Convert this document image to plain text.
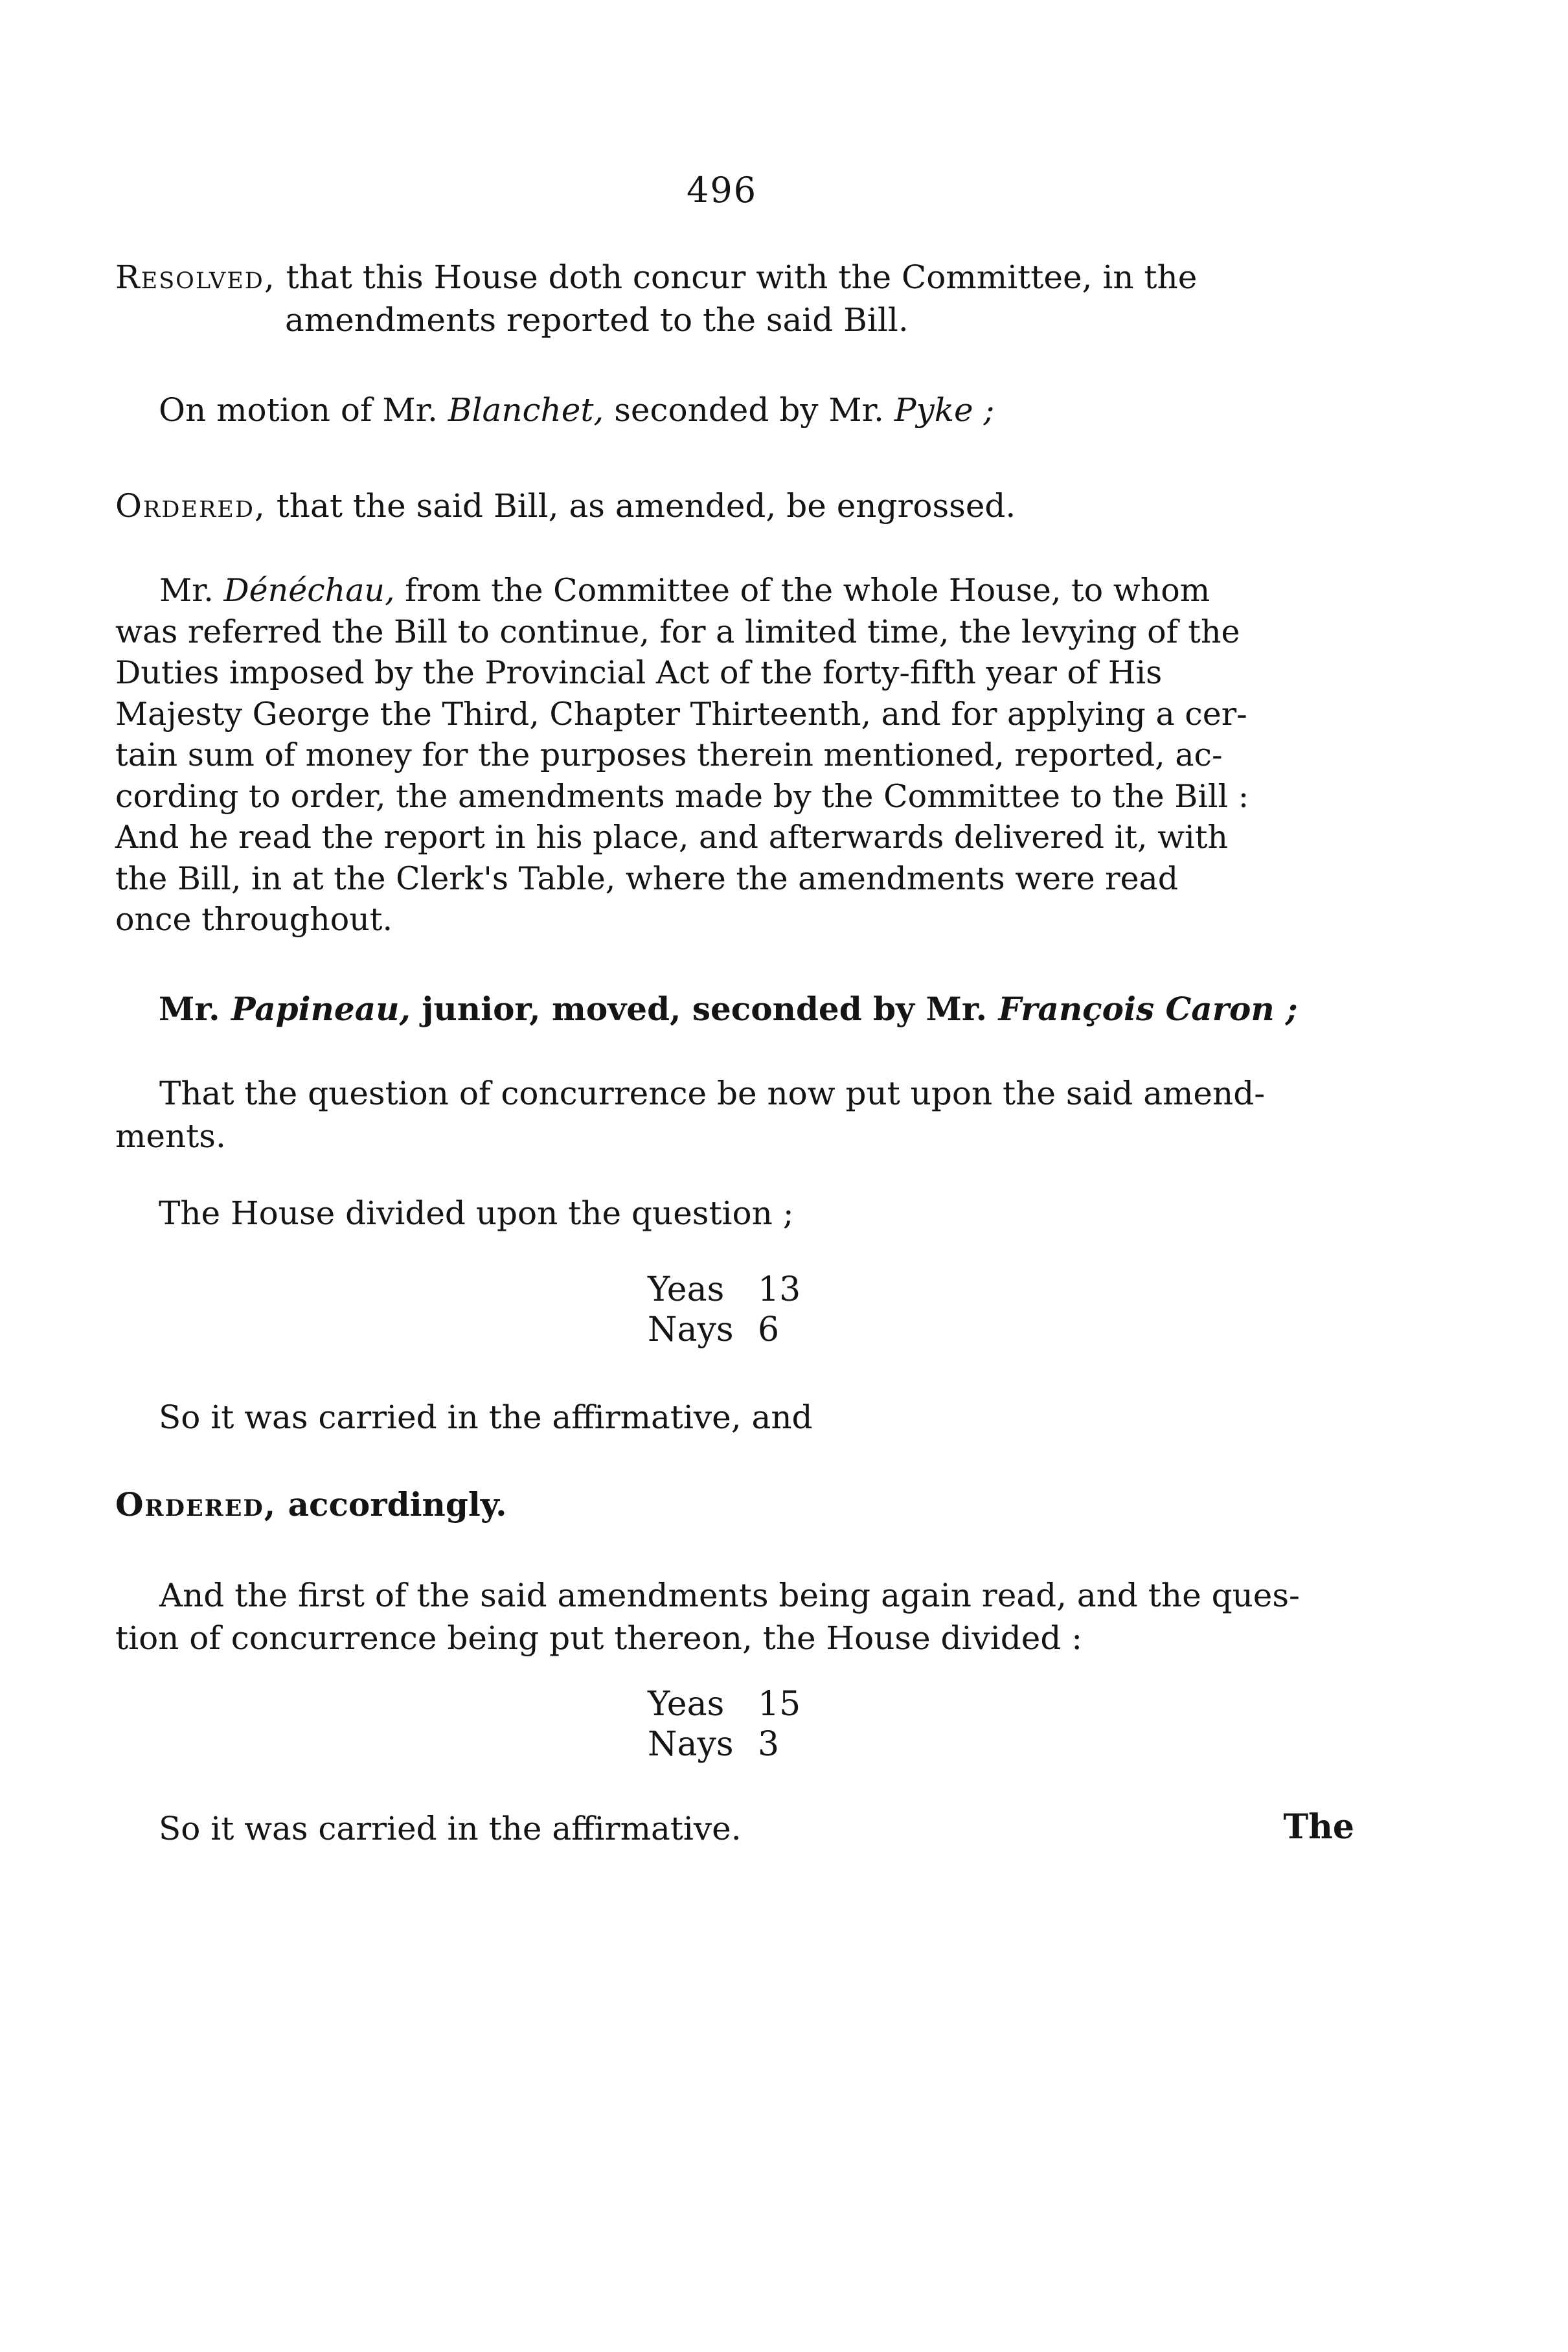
496

Resolved, that this House doth concur with the Committee, in the
amendments reported to the said Bill.

On motion of Mr. Blanchet, seconded by Mr. Pyke ;

Ordered, that the said Bill, as amended, be engrossed.

Mr. Dénéchau, from the Committee of the whole House, to whom
was referred the Bill to continue, for a limited time, the levying of the
Duties imposed by the Provincial Act of the forty-fifth year of His
Majesty George the Third, Chapter Thirteenth, and for applying a cer-
tain sum of money for the purposes therein mentioned, reported, ac-
cording to order, the amendments made by the Committee to the Bill :
And he read the report in his place, and afterwards delivered it, with
the Bill, in at the Clerk's Table, where the amendments were read
once throughout.

Mr. Papineau, junior, moved, seconded by Mr. François Caron ;

That the question of concurrence be now put upon the said amend-
ments.

The House divided upon the question ;

Yeas 13
Nays 6

So it was carried in the affirmative, and

Ordered, accordingly.

And the first of the said amendments being again read, and the ques-
tion of concurrence being put thereon, the House divided :

Yeas 15
Nays 3

So it was carried in the affirmative.	The
